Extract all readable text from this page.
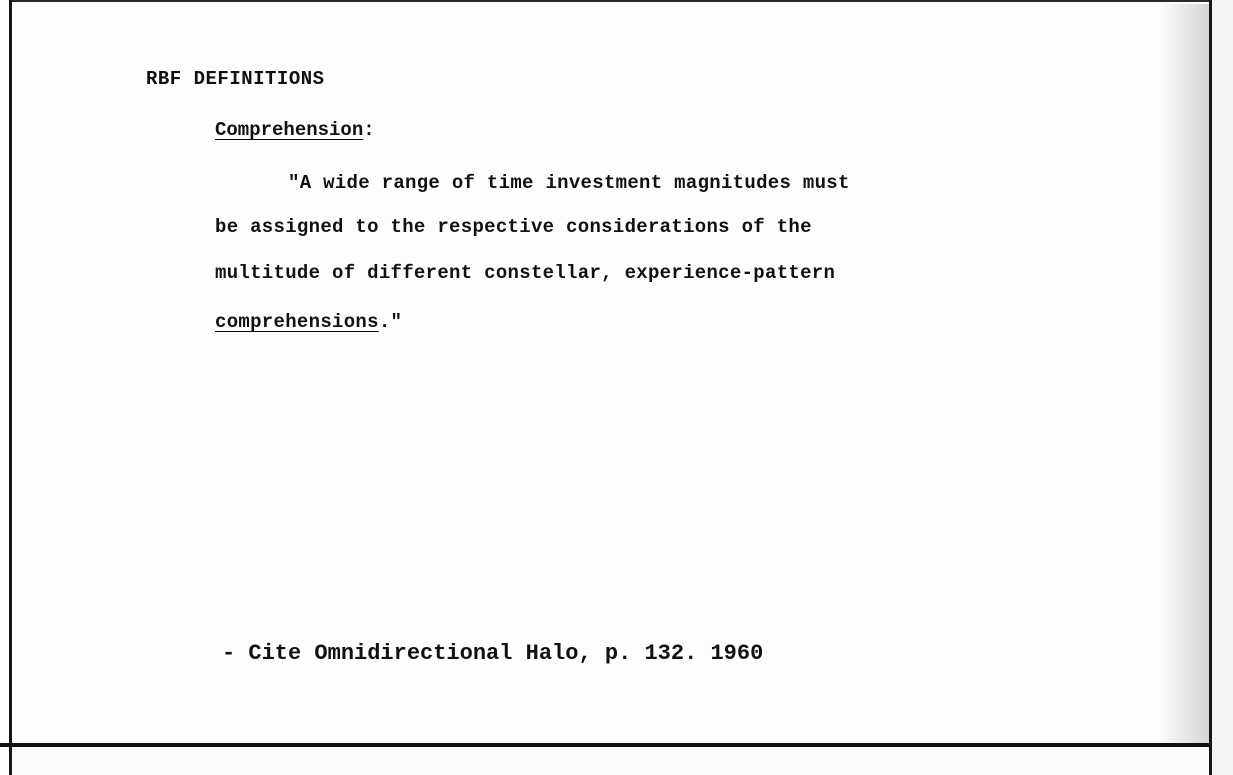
RBF DEFINITIONS
Comprehension:
"A wide range of time investment magnitudes must
be assigned to the respective considerations of the
multitude of different constellar, experience-pattern
comprehensions."
- Cite Omnidirectional Halo, p. 132. 1960
